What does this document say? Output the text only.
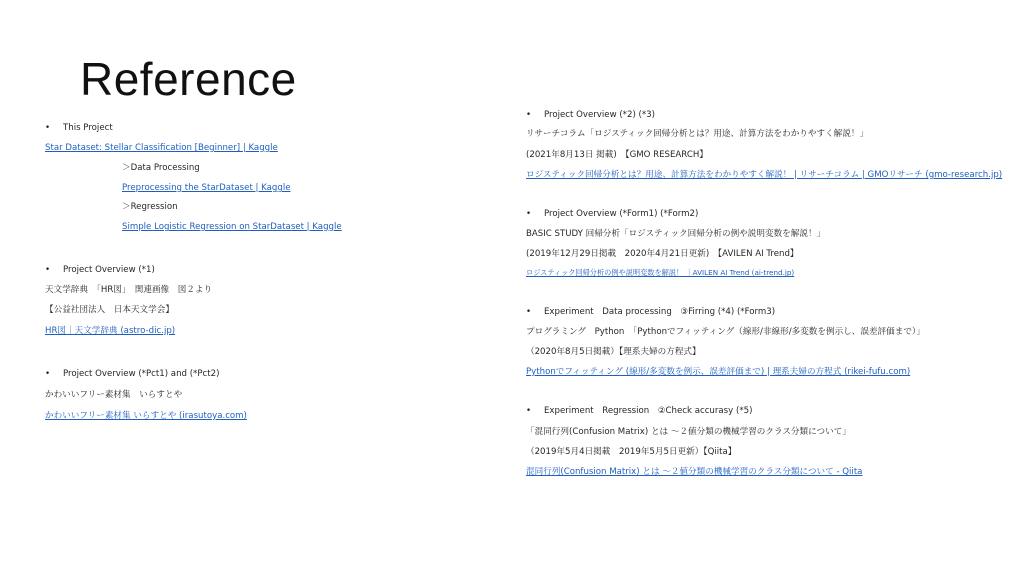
Reference
• This Project
Star Dataset: Stellar Classification [Beginner] | Kaggle
＞Data Processing
Preprocessing the StarDataset | Kaggle
＞Regression
Simple Logistic Regression on StarDataset | Kaggle
• Project Overview (*1)
天文学辞典　「HR図」　関連画像　図２より
【公益社団法人　日本天文学会】
HR図｜天文学辞典 (astro-dic.jp)
• Project Overview (*Pct1) and (*Pct2)
かわいいフリー素材集　いらすとや
かわいいフリー素材集 いらすとや (irasutoya.com)
• Project Overview (*2) (*3)
リサーチコラム「ロジスティック回帰分析とは？用途、計算方法をわかりやすく解説！」
(2021年8月13日 掲載)　【GMO RESEARCH】
ロジスティック回帰分析とは？用途、計算方法をわかりやすく解説！ | リサーチコラム | GMOリサーチ (gmo-research.jp)
• Project Overview (*Form1) (*Form2)
BASIC STUDY 回帰分析「ロジスティック回帰分析の例や説明変数を解説！」
(2019年12月29日掲載　2020年4月21日更新)　【AVILEN AI Trend】
ロジスティック回帰分析の例や説明変数を解説！ ｜AVILEN AI Trend (ai-trend.jp)
• Experiment　Data processing　③Firring (*4) (*Form3)
プログラミング　Python　「Pythonでフィッティング（線形/非線形/多変数を例示し、誤差評価まで）」
（2020年8月5日掲載）【理系夫婦の方程式】
Pythonでフィッティング (線形/多変数を例示、誤差評価まで) | 理系夫婦の方程式 (rikei-fufu.com)
• Experiment　Regression　②Check accurasy (*5)
「混同行列(Confusion Matrix) とは ～２値分類の機械学習のクラス分類について」
（2019年5月4日掲載　2019年5月5日更新）【Qiita】
混同行列(Confusion Matrix) とは ～２値分類の機械学習のクラス分類について - Qiita
